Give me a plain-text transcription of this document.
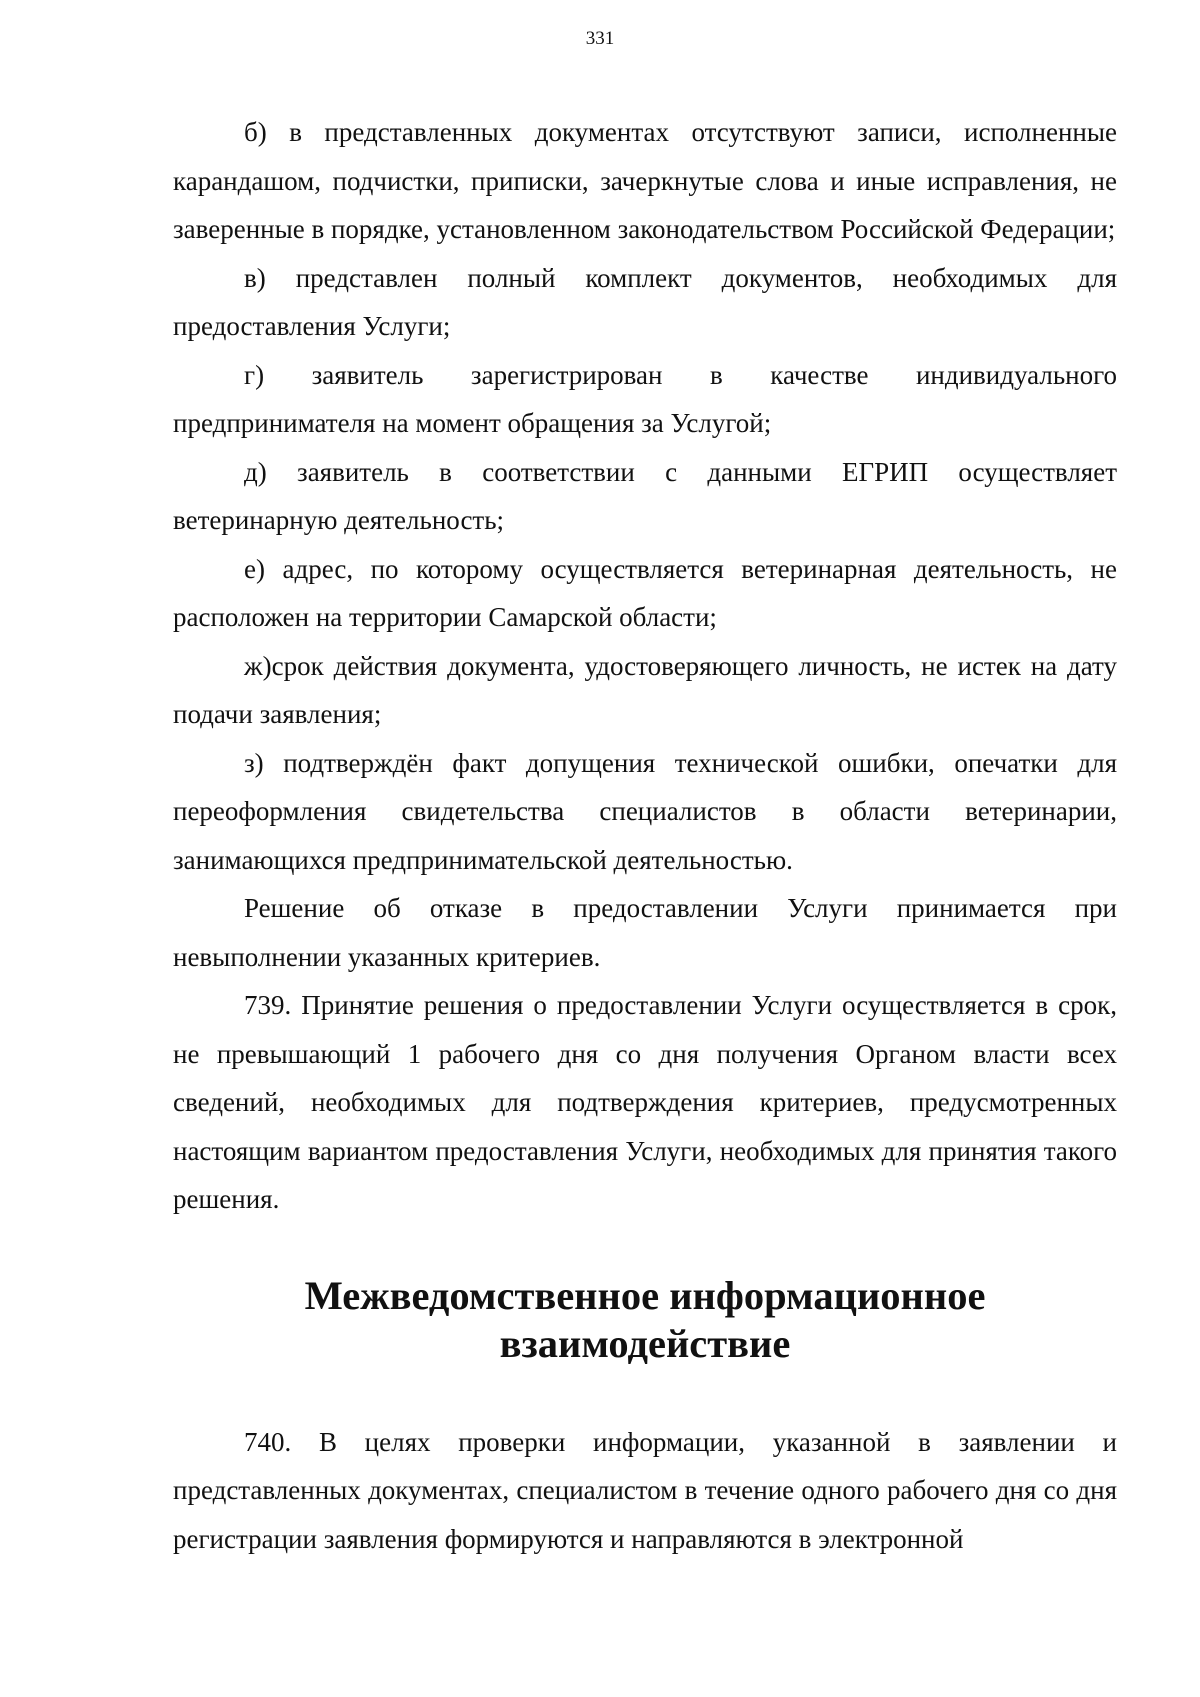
331

б) в представленных документах отсутствуют записи, исполненные карандашом, подчистки, приписки, зачеркнутые слова и иные исправления, не заверенные в порядке, установленном законодательством Российской Федерации;

в) представлен полный комплект документов, необходимых для предоставления Услуги;

г) заявитель зарегистрирован в качестве индивидуального предпринимателя на момент обращения за Услугой;

д) заявитель в соответствии с данными ЕГРИП осуществляет ветеринарную деятельность;

е) адрес, по которому осуществляется ветеринарная деятельность, не расположен на территории Самарской области;

ж)срок действия документа, удостоверяющего личность, не истек на дату подачи заявления;

з) подтверждён факт допущения технической ошибки, опечатки для переоформления свидетельства специалистов в области ветеринарии, занимающихся предпринимательской деятельностью.

Решение об отказе в предоставлении Услуги принимается при невыполнении указанных критериев.

739. Принятие решения о предоставлении Услуги осуществляется в срок, не превышающий 1 рабочего дня со дня получения Органом власти всех сведений, необходимых для подтверждения критериев, предусмотренных настоящим вариантом предоставления Услуги, необходимых для принятия такого решения.

Межведомственное информационное взаимодействие

740. В целях проверки информации, указанной в заявлении и представленных документах, специалистом в течение одного рабочего дня со дня регистрации заявления формируются и направляются в электронной
